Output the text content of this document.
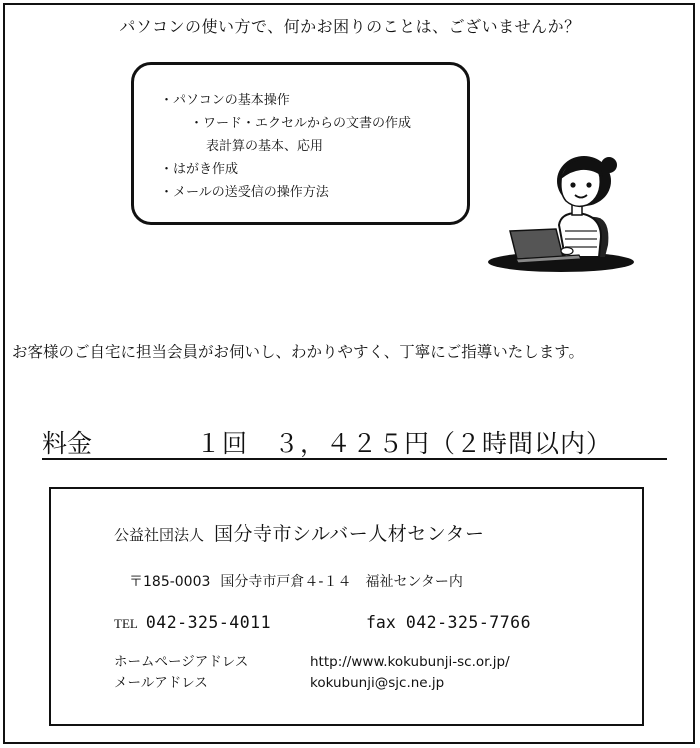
パソコンの使い方で、何かお困りのことは、ございませんか？
・パソコンの基本操作
・ワード・エクセルからの文書の作成
表計算の基本、応用
・はがき作成
・メールの送受信の操作方法
お客様のご自宅に担当会員がお伺いし、わかりやすく、丁寧にご指導いたします。
料金	１回　３，４２５円（２時間以内）
公益社団法人 国分寺市シルバー人材センター
〒185-0003 国分寺市戸倉４-１４　福祉センター内
TEL 042-325-4011	fax 042-325-7766
ホームページアドレス	http://www.kokubunji-sc.or.jp/
メールアドレス	kokubunji@sjc.ne.jp
